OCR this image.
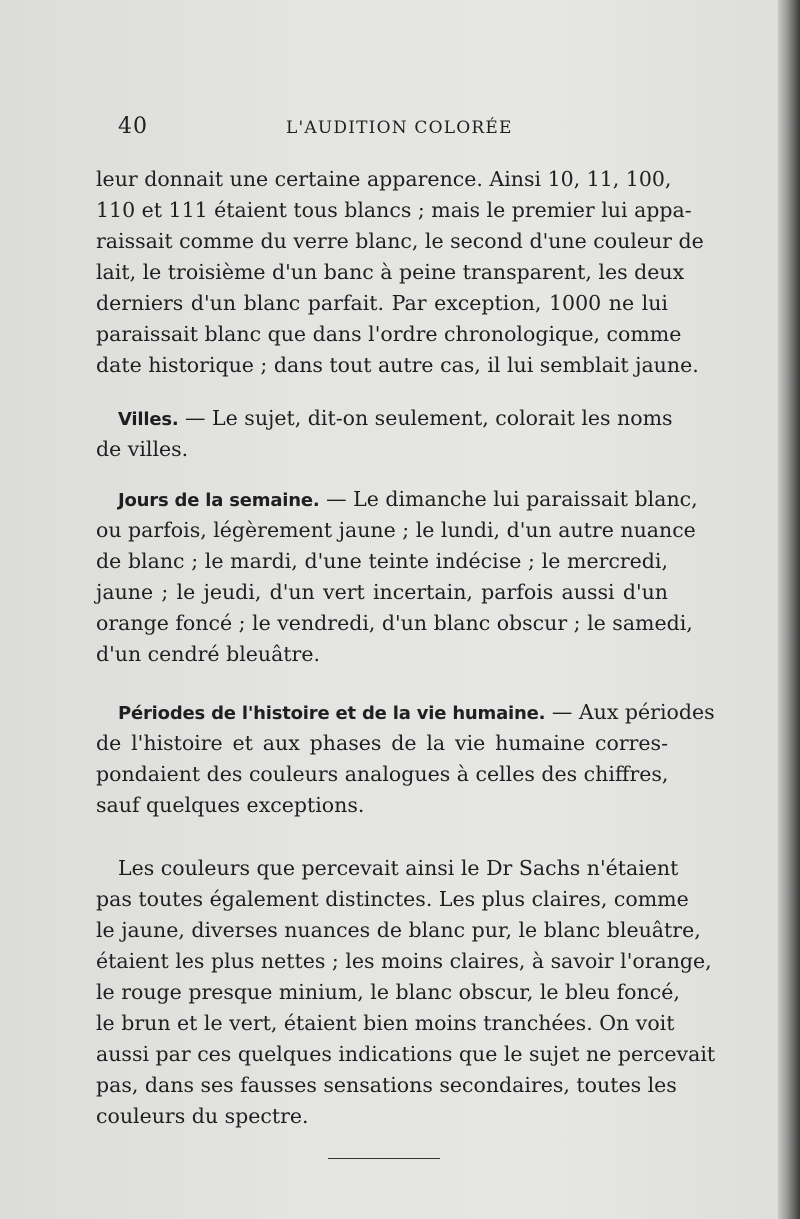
40	L'AUDITION COLORÉE
leur donnait une certaine apparence. Ainsi 10, 11, 100,
110 et 111 étaient tous blancs ; mais le premier lui appa-
raissait comme du verre blanc, le second d'une couleur de
lait, le troisième d'un banc à peine transparent, les deux
derniers d'un blanc parfait. Par exception, 1000 ne lui
paraissait blanc que dans l'ordre chronologique, comme
date historique ; dans tout autre cas, il lui semblait jaune.
Villes. — Le sujet, dit-on seulement, colorait les noms
de villes.
Jours de la semaine. — Le dimanche lui paraissait blanc,
ou parfois, légèrement jaune ; le lundi, d'un autre nuance
de blanc ; le mardi, d'une teinte indécise ; le mercredi,
jaune ; le jeudi, d'un vert incertain, parfois aussi d'un
orange foncé ; le vendredi, d'un blanc obscur ; le samedi,
d'un cendré bleuâtre.
Périodes de l'histoire et de la vie humaine. — Aux périodes
de l'histoire et aux phases de la vie humaine corres-
pondaient des couleurs analogues à celles des chiffres,
sauf quelques exceptions.
Les couleurs que percevait ainsi le Dr Sachs n'étaient
pas toutes également distinctes. Les plus claires, comme
le jaune, diverses nuances de blanc pur, le blanc bleuâtre,
étaient les plus nettes ; les moins claires, à savoir l'orange,
le rouge presque minium, le blanc obscur, le bleu foncé,
le brun et le vert, étaient bien moins tranchées. On voit
aussi par ces quelques indications que le sujet ne percevait
pas, dans ses fausses sensations secondaires, toutes les
couleurs du spectre.
